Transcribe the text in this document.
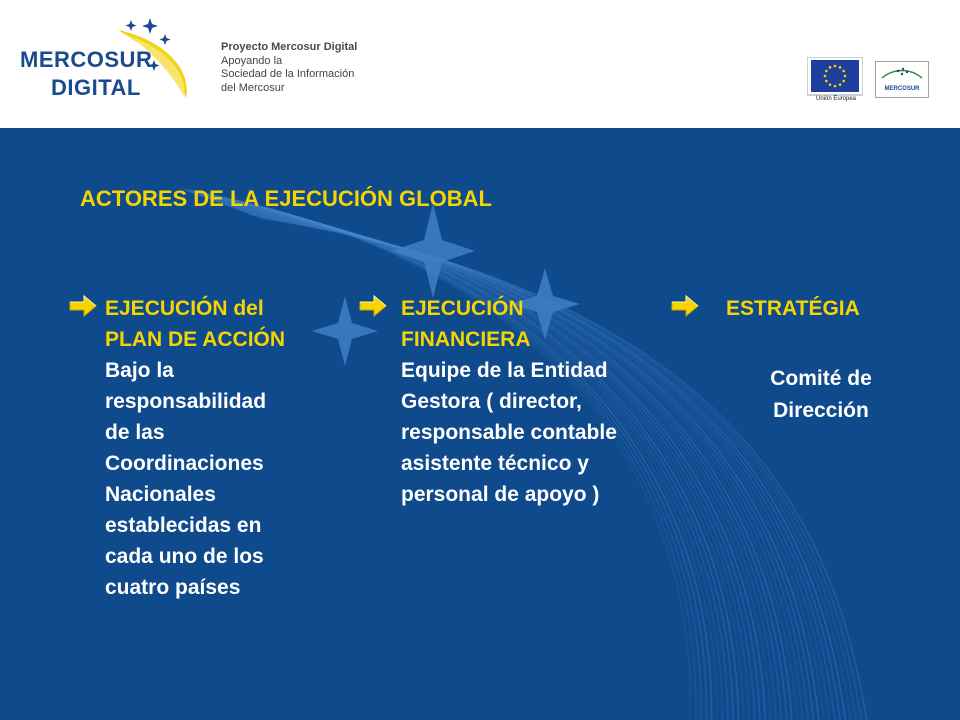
MERCOSUR
DIGITAL
Proyecto Mercosur Digital
Apoyando la
Sociedad de la Información
del Mercosur
Unión Europea
MERCOSUR
ACTORES DE LA EJECUCIÓN GLOBAL
EJECUCIÓN del
PLAN DE ACCIÓN
Bajo la
responsabilidad
de las
Coordinaciones
Nacionales
establecidas en
cada uno de los
cuatro países
EJECUCIÓN
FINANCIERA
Equipe de la Entidad
Gestora ( director,
responsable contable
asistente técnico y
personal de apoyo )
ESTRATÉGIA
Comité de
Dirección
